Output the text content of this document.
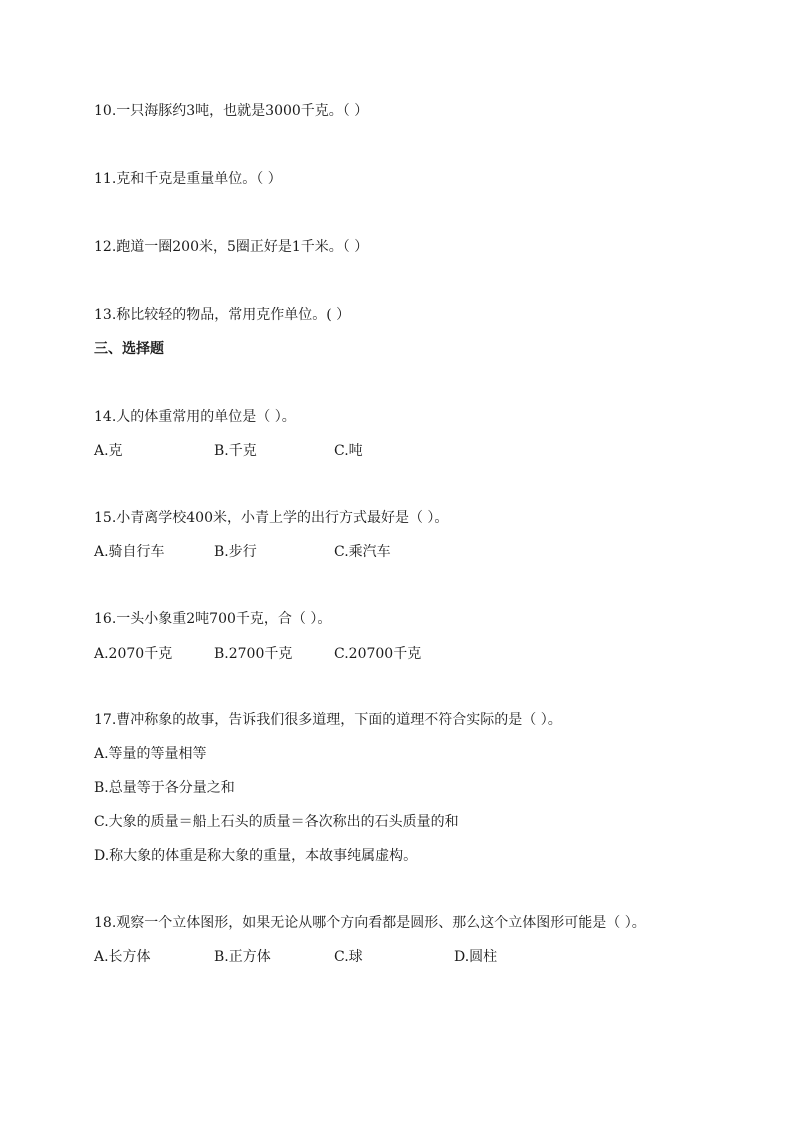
10.一只海豚约3吨，也就是3000千克。（ ）
11.克和千克是重量单位。（ ）
12.跑道一圈200米，5圈正好是1千米。（ ）
13.称比较轻的物品，常用克作单位。( ）
三、选择题
14.人的体重常用的单位是（ ）。
A.克	B.千克	C.吨
15.小青离学校400米，小青上学的出行方式最好是（ ）。
A.骑自行车	B.步行	C.乘汽车
16.一头小象重2吨700千克，合（ ）。
A.2070千克	B.2700千克	C.20700千克
17.曹冲称象的故事，告诉我们很多道理，下面的道理不符合实际的是（ ）。
A.等量的等量相等
B.总量等于各分量之和
C.大象的质量＝船上石头的质量＝各次称出的石头质量的和
D.称大象的体重是称大象的重量，本故事纯属虚构。
18.观察一个立体图形，如果无论从哪个方向看都是圆形、那么这个立体图形可能是（ ）。
A.长方体	B.正方体	C.球	D.圆柱
